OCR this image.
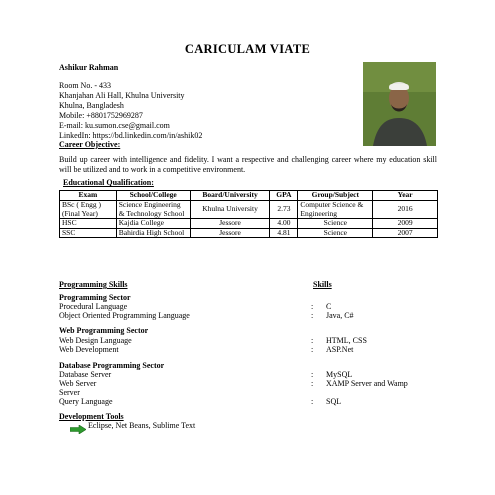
CARICULAM VIATE
Ashikur Rahman
Room No. - 433
Khanjahan Ali Hall, Khulna University
Khulna, Bangladesh
Mobile: +8801752969287
E-mail: ku.sumon.cse@gmail.com
LinkedIn: https://bd.linkedin.com/in/ashik02
Career Objective:
Build up career with intelligence and fidelity. I want a respective and challenging career where my education skill will be utilized and to work in a competitive environment.
Educational Qualification:
Exam	School/College	Board/University	GPA	Group/Subject	Year
BSc ( Engg ) (Final Year)	Science Engineering & Technology School	Khulna University	2.73	Computer Science & Engineering	2016
HSC	Kajdia College	Jessore	4.00	Science	2009
SSC	Bahirdia High School	Jessore	4.81	Science	2007
Programming Skills	Skills
Programming Sector
Procedural Language	: C
Object Oriented Programming Language	: Java, C#
Web Programming Sector
Web Design Language	: HTML, CSS
Web Development	: ASP.Net
Database Programming Sector
Database Server	: MySQL
Web Server	: XAMP Server and Wamp
Server
Query Language	: SQL
Development Tools
Eclipse, Net Beans, Sublime Text
